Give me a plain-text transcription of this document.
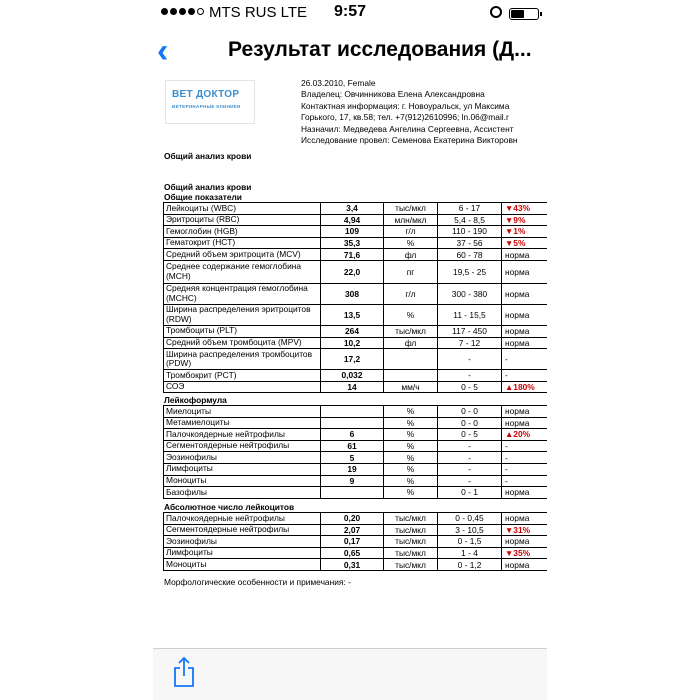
MTS RUS LTE	9:57
‹	Результат исследования (Д...
ВЕТ ДОКТОР
ВЕТЕРИНАРНЫЕ КЛИНИКИ
26.03.2010, Female
Владелец: Овчинникова Елена Александровна
Контактная информация: г. Новоуральск, ул Максима
Горького, 17, кв.58; тел. +7(912)2610996; ln.06@mail.r
Назначил: Медведева Ангелина Сергеевна, Ассистент
Исследование провел: Семенова Екатерина Викторовн
Общий анализ крови
Общий анализ крови
Общие показатели
Лейкоциты (WBC)	3,4	тыс/мкл	6 - 17	▼43%
Эритроциты (RBC)	4,94	млн/мкл	5,4 - 8,5	▼9%
Гемоглобин (HGB)	109	г/л	110 - 190	▼1%
Гематокрит (HCT)	35,3	%	37 - 56	▼5%
Средний объем эритроцита (MCV)	71,6	фл	60 - 78	норма
Среднее содержание гемоглобина (MCH)	22,0	пг	19,5 - 25	норма
Средняя концентрация гемоглобина (MCHC)	308	г/л	300 - 380	норма
Ширина распределения эритроцитов (RDW)	13,5	%	11 - 15,5	норма
Тромбоциты (PLT)	264	тыс/мкл	117 - 450	норма
Средний объем тромбоцита (MPV)	10,2	фл	7 - 12	норма
Ширина распределения тромбоцитов (PDW)	17,2		-	-
Тромбокрит (PCT)	0,032		-	-
СОЭ	14	мм/ч	0 - 5	▲180%
Лейкоформула
Миелоциты		%	0 - 0	норма
Метамиелоциты		%	0 - 0	норма
Палочкоядерные нейтрофилы	6	%	0 - 5	▲20%
Сегментоядерные нейтрофилы	61	%	-	-
Эозинофилы	5	%	-	-
Лимфоциты	19	%	-	-
Моноциты	9	%	-	-
Базофилы		%	0 - 1	норма
Абсолютное число лейкоцитов
Палочкоядерные нейтрофилы	0,20	тыс/мкл	0 - 0,45	норма
Сегментоядерные нейтрофилы	2,07	тыс/мкл	3 - 10,5	▼31%
Эозинофилы	0,17	тыс/мкл	0 - 1,5	норма
Лимфоциты	0,65	тыс/мкл	1 - 4	▼35%
Моноциты	0,31	тыс/мкл	0 - 1,2	норма
Морфологические особенности и примечания: -
